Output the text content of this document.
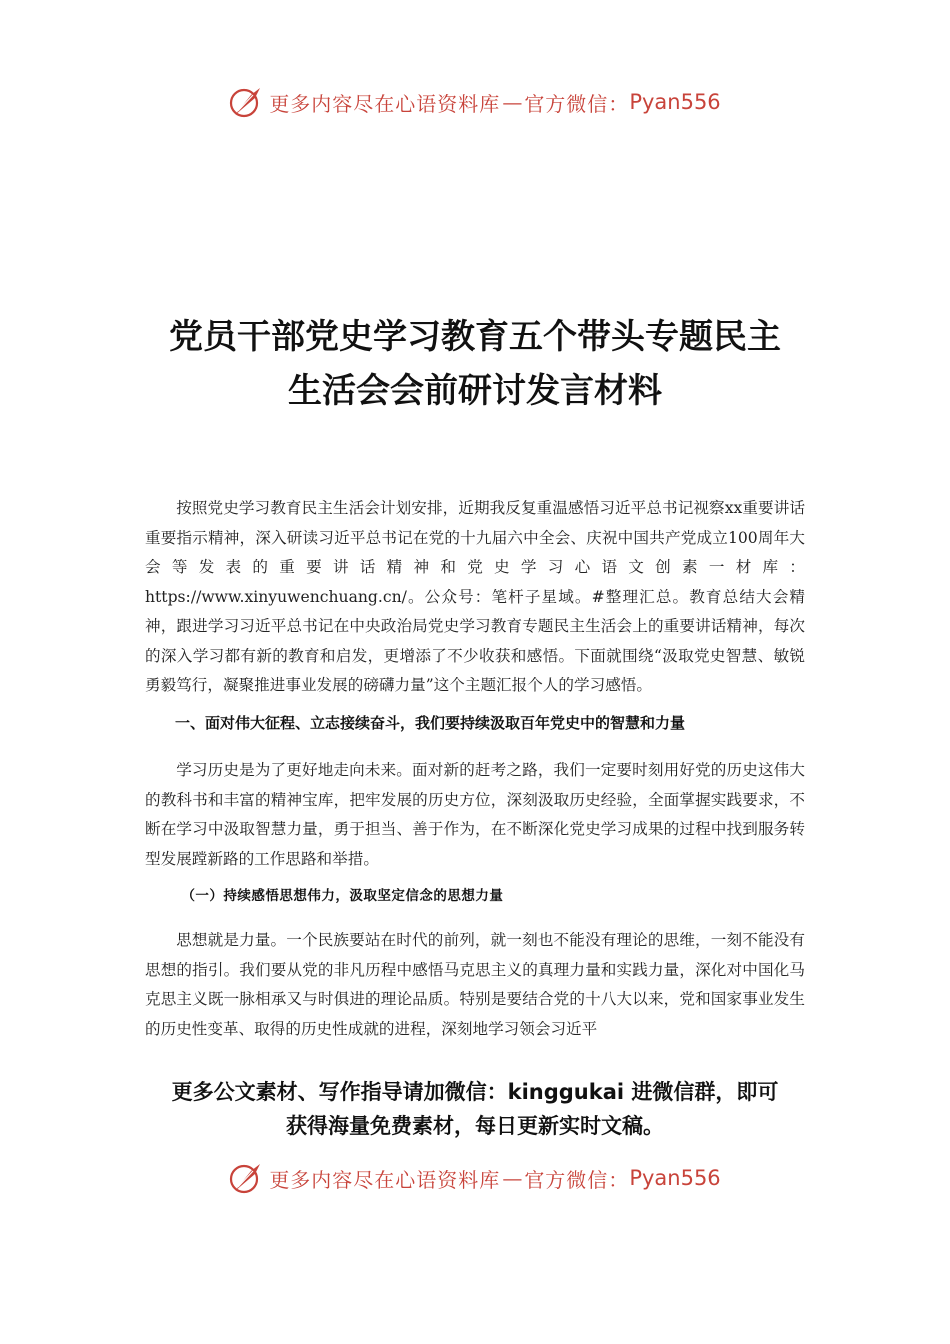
更多内容尽在心语资料库 — 官方微信： Pyan556
党员干部党史学习教育五个带头专题民主
生活会会前研讨发言材料

按照党史学习教育民主生活会计划安排，近期我反复重温感悟习近平总书记视察xx重要讲话重要指示精神，深入研读习近平总书记在党的十九届六中全会、庆祝中国共产党成立100周年大会等发表的重要讲话精神和党史学习心语文创素一材库：https://www.xinyuwenchuang.cn/。公众号：笔杆子星域。#整理汇总。教育总结大会精神，跟进学习习近平总书记在中央政治局党史学习教育专题民主生活会上的重要讲话精神，每次的深入学习都有新的教育和启发，更增添了不少收获和感悟。下面就围绕“汲取党史智慧、敏锐勇毅笃行，凝聚推进事业发展的磅礴力量”这个主题汇报个人的学习感悟。

一、面对伟大征程、立志接续奋斗，我们要持续汲取百年党史中的智慧和力量

学习历史是为了更好地走向未来。面对新的赶考之路，我们一定要时刻用好党的历史这伟大的教科书和丰富的精神宝库，把牢发展的历史方位，深刻汲取历史经验，全面掌握实践要求，不断在学习中汲取智慧力量，勇于担当、善于作为，在不断深化党史学习成果的过程中找到服务转型发展蹚新路的工作思路和举措。

（一）持续感悟思想伟力，汲取坚定信念的思想力量

思想就是力量。一个民族要站在时代的前列，就一刻也不能没有理论的思维，一刻不能没有思想的指引。我们要从党的非凡历程中感悟马克思主义的真理力量和实践力量，深化对中国化马克思主义既一脉相承又与时俱进的理论品质。特别是要结合党的十八大以来，党和国家事业发生的历史性变革、取得的历史性成就的进程，深刻地学习领会习近平

更多公文素材、写作指导请加微信：kinggukai 进微信群，即可
获得海量免费素材，每日更新实时文稿。

更多内容尽在心语资料库 — 官方微信： Pyan556
